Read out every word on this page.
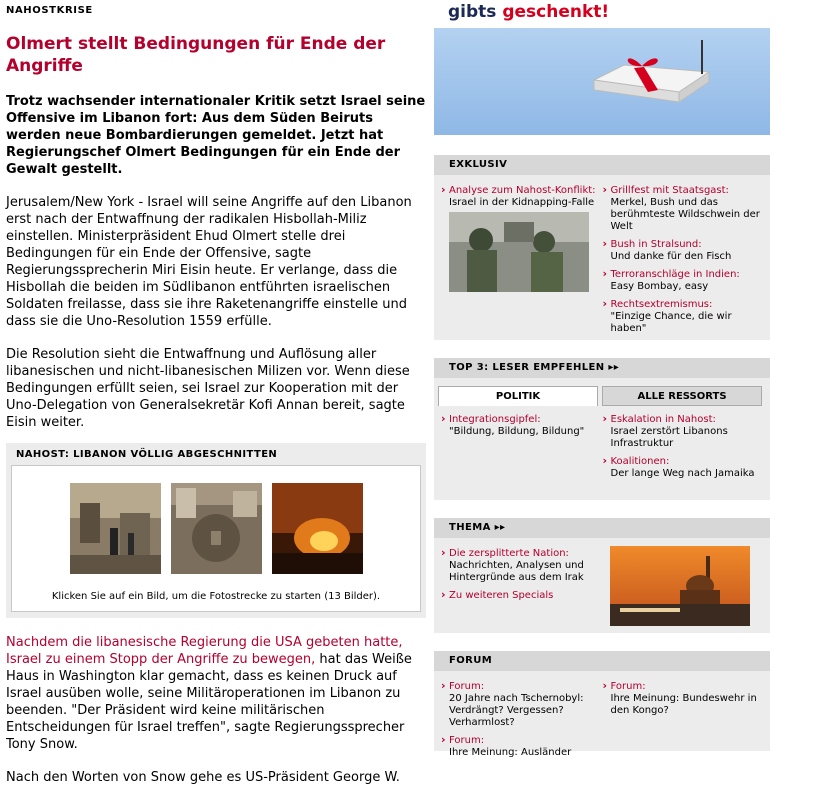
NAHOSTKRISE
Olmert stellt Bedingungen für Ende der Angriffe
Trotz wachsender internationaler Kritik setzt Israel seine Offensive im Libanon fort: Aus dem Süden Beiruts werden neue Bombardierungen gemeldet. Jetzt hat Regierungschef Olmert Bedingungen für ein Ende der Gewalt gestellt.
Jerusalem/New York - Israel will seine Angriffe auf den Libanon erst nach der Entwaffnung der radikalen Hisbollah-Miliz einstellen. Ministerpräsident Ehud Olmert stelle drei Bedingungen für ein Ende der Offensive, sagte Regierungssprecherin Miri Eisin heute. Er verlange, dass die Hisbollah die beiden im Südlibanon entführten israelischen Soldaten freilasse, dass sie ihre Raketenangriffe einstelle und dass sie die Uno-Resolution 1559 erfülle.
Die Resolution sieht die Entwaffnung und Auflösung aller libanesischen und nicht-libanesischen Milizen vor. Wenn diese Bedingungen erfüllt seien, sei Israel zur Kooperation mit der Uno-Delegation von Generalsekretär Kofi Annan bereit, sagte Eisin weiter.
NAHOST: LIBANON VÖLLIG ABGESCHNITTEN
Klicken Sie auf ein Bild, um die Fotostrecke zu starten (13 Bilder).
Nachdem die libanesische Regierung die USA gebeten hatte, Israel zu einem Stopp der Angriffe zu bewegen, hat das Weiße Haus in Washington klar gemacht, dass es keinen Druck auf Israel ausüben wolle, seine Militäroperationen im Libanon zu beenden. "Der Präsident wird keine militärischen Entscheidungen für Israel treffen", sagte Regierungssprecher Tony Snow.
Nach den Worten von Snow gehe es US-Präsident George W.
gibts geschenkt!
EXKLUSIV
› Analyse zum Nahost-Konflikt:
Israel in der Kidnapping-Falle
› Grillfest mit Staatsgast:
Merkel, Bush und das berühmteste Wildschwein der Welt
› Bush in Stralsund:
Und danke für den Fisch
› Terroranschläge in Indien:
Easy Bombay, easy
› Rechtsextremismus:
"Einzige Chance, die wir haben"
TOP 3: LESER EMPFEHLEN ▸▸
POLITIK	ALLE RESSORTS
› Integrationsgipfel:
"Bildung, Bildung, Bildung"
› Eskalation in Nahost:
Israel zerstört Libanons Infrastruktur
› Koalitionen:
Der lange Weg nach Jamaika
THEMA ▸▸
› Die zersplitterte Nation:
Nachrichten, Analysen und Hintergründe aus dem Irak
› Zu weiteren Specials
FORUM
› Forum:
20 Jahre nach Tschernobyl: Verdrängt? Vergessen? Verharmlost?
› Forum:
Ihre Meinung: Ausländer
› Forum:
Ihre Meinung: Bundeswehr in den Kongo?
